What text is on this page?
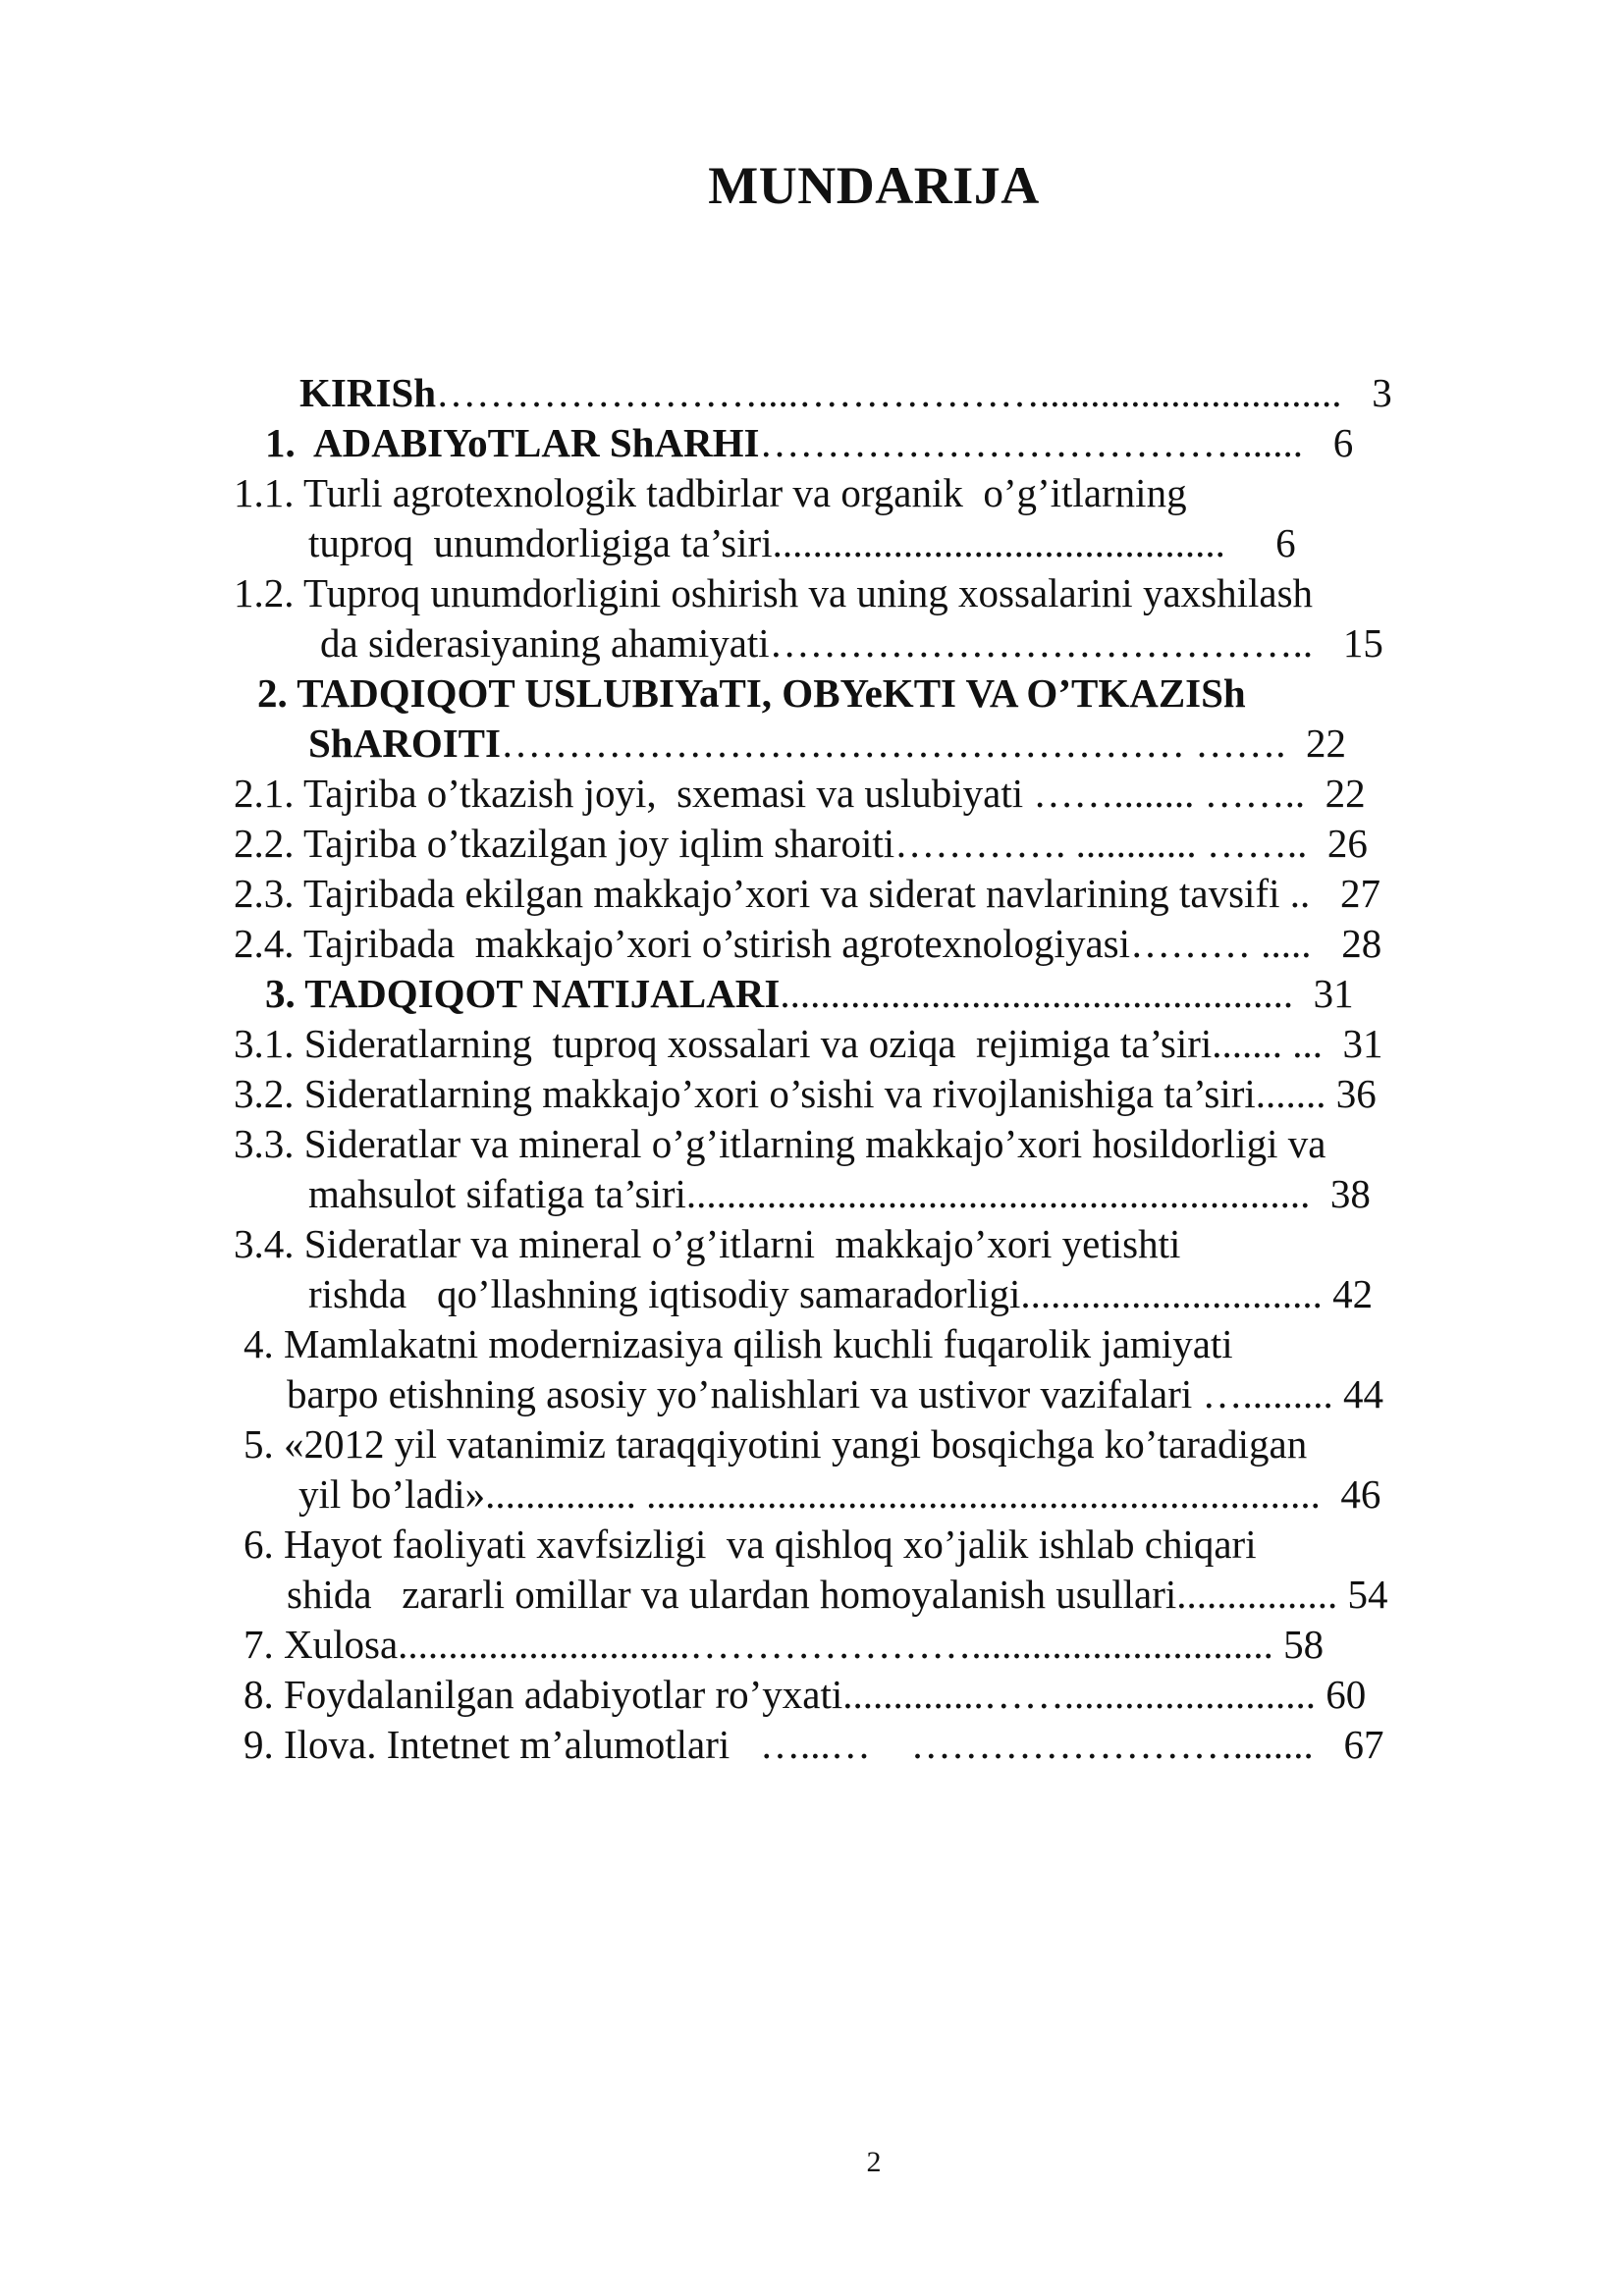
MUNDARIJA
KIRISh……………………....………………..............................   3
1.  ADABIYoTLAR ShARHI………………………………......   6
1.1. Turli agrotexnologik tadbirlar va organik  o’g’itlarning
tuproq  unumdorligiga ta’siri.............................................     6
1.2. Tuproq unumdorligini oshirish va uning xossalarini yaxshilash
da siderasiyaning ahamiyati…………………………………..   15
2. TADQIQOT USLUBIYaTI, OBYeKTI VA O’TKAZISh
ShAROITI…………………………………………… …….  22
2.1. Tajriba o’tkazish joyi,  sxemasi va uslubiyati ……........ ……..  22
2.2. Tajriba o’tkazilgan joy iqlim sharoiti…………. ............ ……..  26
2.3. Tajribada ekilgan makkajo’xori va siderat navlarining tavsifi ..   27
2.4. Tajribada  makkajo’xori o’stirish agrotexnologiyasi……… .....   28
3. TADQIQOT NATIJALARI...................................................  31
3.1. Sideratlarning  tuproq xossalari va oziqa  rejimiga ta’siri....... ...  31
3.2. Sideratlarning makkajo’xori o’sishi va rivojlanishiga ta’siri....... 36
3.3. Sideratlar va mineral o’g’itlarning makkajo’xori hosildorligi va
mahsulot sifatiga ta’siri..............................................................  38
3.4. Sideratlar va mineral o’g’itlarni  makkajo’xori yetishti
rishda   qo’llashning iqtisodiy samaradorligi.............................. 42
4. Mamlakatni modernizasiya qilish kuchli fuqarolik jamiyati
barpo etishning asosiy yo’nalishlari va ustivor vazifalari …......... 44
5. «2012 yil vatanimiz taraqqiyotini yangi bosqichga ko’taradigan
yil bo’ladi»............... ...................................................................  46
6. Hayot faoliyati xavfsizligi  va qishloq xo’jalik ishlab chiqari
shida   zararli omillar va ulardan homoyalanish usullari................ 54
7. Xulosa.............................………………….............................. 58
8. Foydalanilgan adabiyotlar ro’yxati..............……......................... 60
9. Ilova. Intetnet m’alumotlari   …...…    ……………………........   67
2
